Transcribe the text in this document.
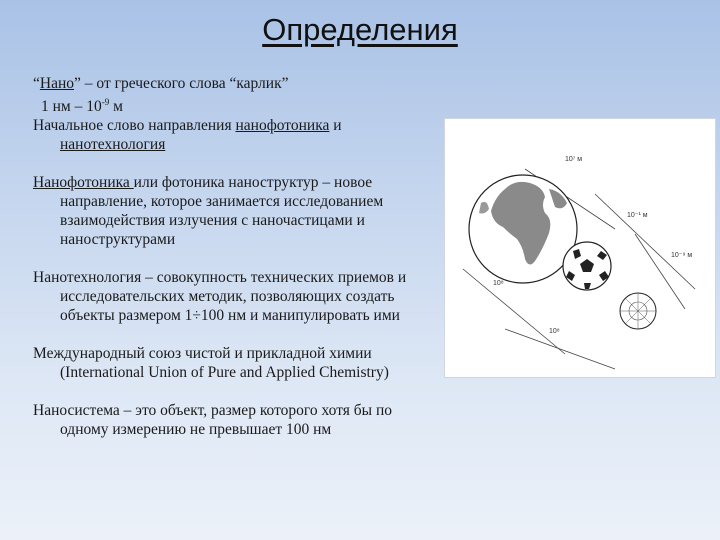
Определения

“Нано” – от греческого слова “карлик”

1 нм – $10^{-9}$ м

Начальное слово направления нанофотоника и нанотехнология

Нанофотоника или фотоника наноструктур – новое направление, которое занимается исследованием взаимодействия излучения с наночастицами и наноструктурами

Нанотехнология – совокупность технических приемов и исследовательских методик, позволяющих создать объекты размером 1÷100 нм и манипулировать ими

Международный союз чистой и прикладной химии (International Union of Pure and Applied Chemistry)

Наносистема – это объект, размер которого хотя бы по одному измерению не превышает 100 нм

10⁷ м
10⁻¹ м
10⁻⁹ м
10⁸
10⁸
